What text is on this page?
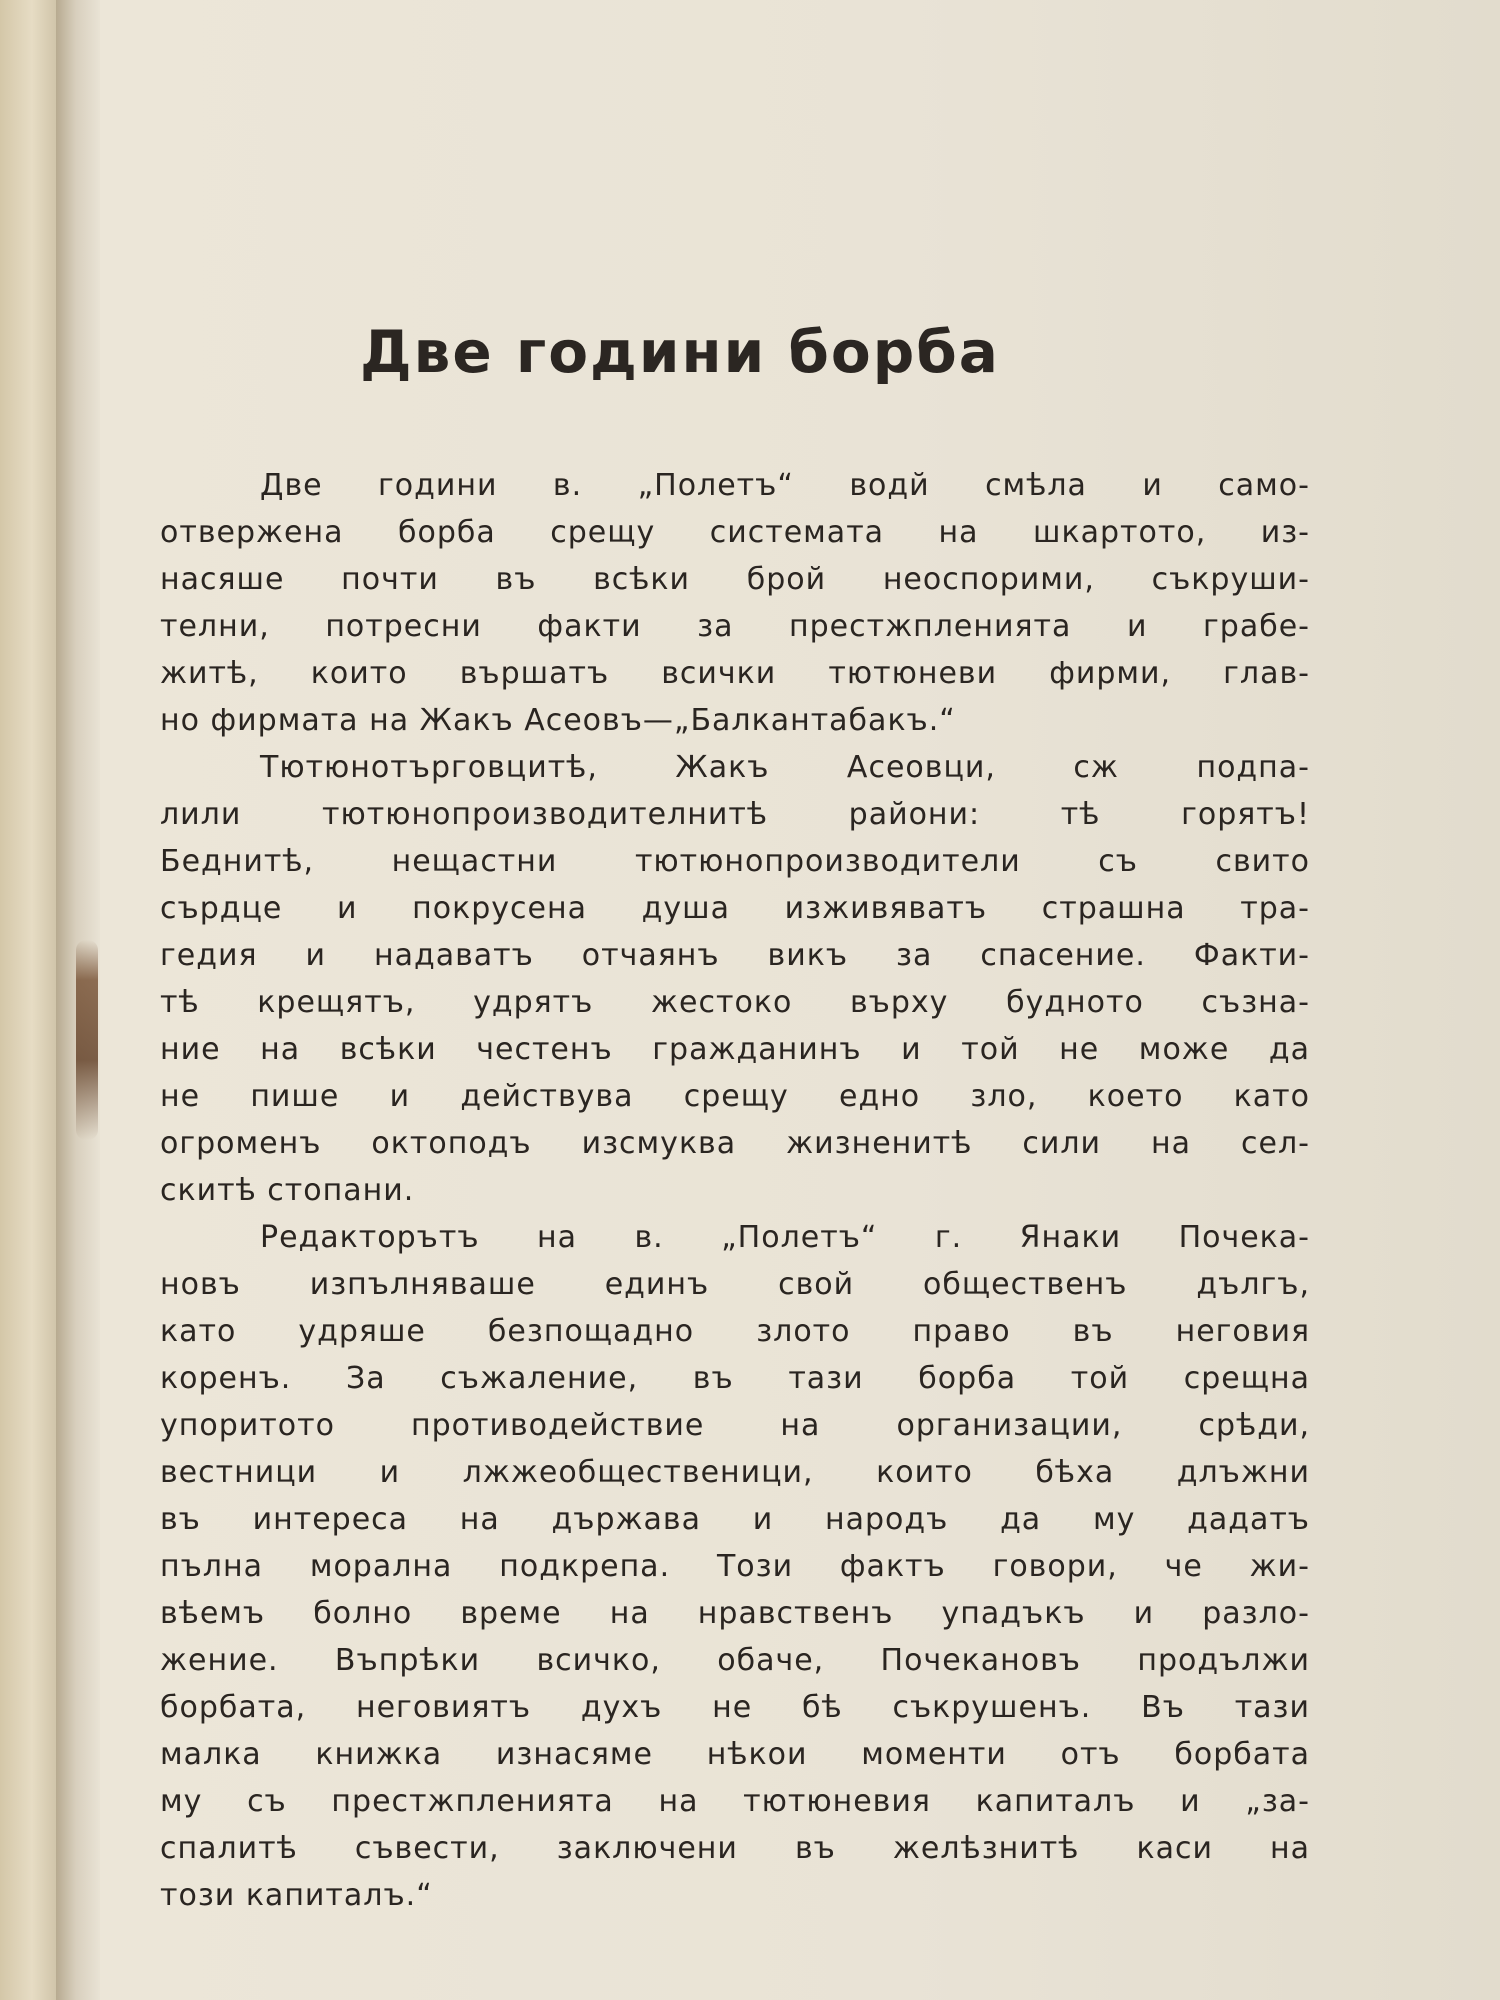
Две години борба
Две години в. „Полетъ“ водй смѣла и само-
отвержена борба срещу системата на шкартото, из-
насяше почти въ всѣки брой неоспорими, съкруши-
телни, потресни факти за престжпленията и грабе-
житѣ, които вършатъ всички тютюневи фирми, глав-
но фирмата на Жакъ Асеовъ—„Балкантабакъ.“
Тютюнотърговцитѣ, Жакъ Асеовци, сж подпа-
лили тютюнопроизводителнитѣ райони: тѣ горятъ!
Беднитѣ, нещастни тютюнопроизводители съ свито
сърдце и покрусена душа изживяватъ страшна тра-
гедия и надаватъ отчаянъ викъ за спасение. Факти-
тѣ крещятъ, удрятъ жестоко върху будното съзна-
ние на всѣки честенъ гражданинъ и той не може да
не пише и действува срещу едно зло, което като
огроменъ октоподъ изсмуква жизненитѣ сили на сел-
скитѣ стопани.
Редакторътъ на в. „Полетъ“ г. Янаки Почека-
новъ изпълняваше единъ свой общественъ дългъ,
като удряше безпощадно злото право въ неговия
коренъ. За съжаление, въ тази борба той срещна
упоритото противодействие на организации, срѣди,
вестници и лжжеобщественици, които бѣха длъжни
въ интереса на държава и народъ да му дадатъ
пълна морална подкрепа. Този фактъ говори, че жи-
вѣемъ болно време на нравственъ упадъкъ и разло-
жение. Въпрѣки всичко, обаче, Почекановъ продължи
борбата, неговиятъ духъ не бѣ съкрушенъ. Въ тази
малка книжка изнасяме нѣкои моменти отъ борбата
му съ престжпленията на тютюневия капиталъ и „за-
спалитѣ съвести, заключени въ желѣзнитѣ каси на
този капиталъ.“
